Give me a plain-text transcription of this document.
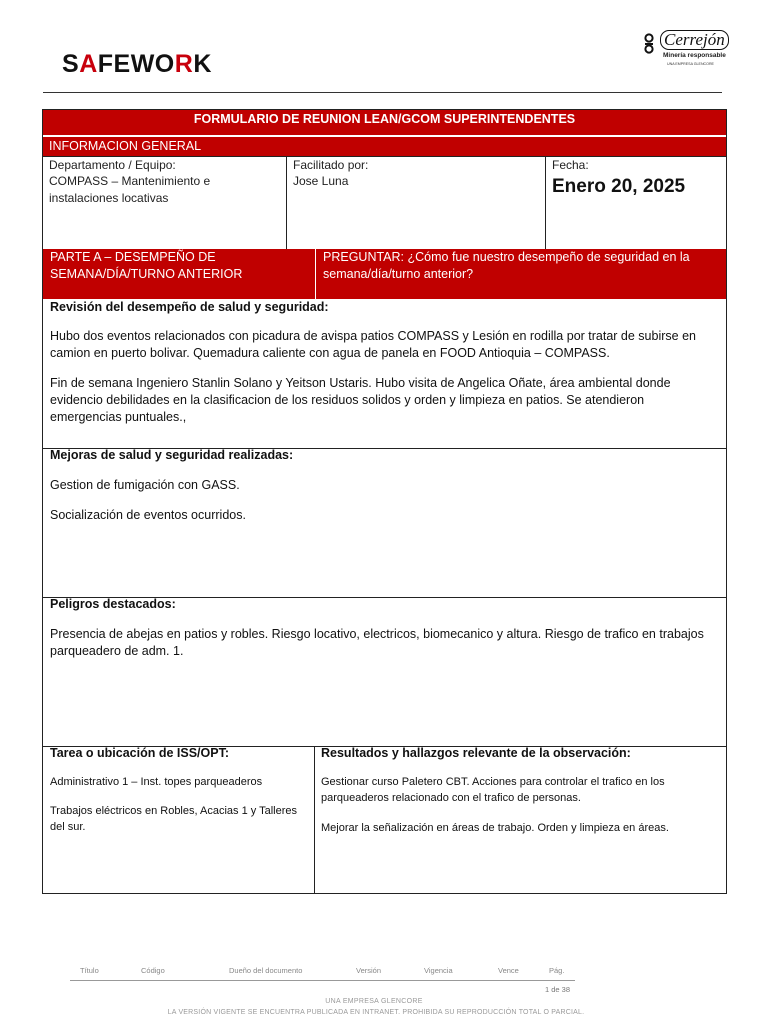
SAFEWORK
Cerrejón
Minería responsable
UNA EMPRESA GLENCORE
FORMULARIO DE REUNION LEAN/GCOM SUPERINTENDENTES
INFORMACION GENERAL
Departamento / Equipo:
COMPASS – Mantenimiento e instalaciones locativas
Facilitado por:
Jose Luna
Fecha:
Enero 20, 2025
PARTE A – DESEMPEÑO DE SEMANA/DÍA/TURNO ANTERIOR
PREGUNTAR: ¿Cómo fue nuestro desempeño de seguridad en la semana/día/turno anterior?
Revisión del desempeño de salud y seguridad:
Hubo dos eventos relacionados con picadura de avispa patios COMPASS y Lesión en rodilla por tratar de subirse en camion en puerto bolivar. Quemadura caliente con agua de panela en FOOD Antioquia – COMPASS.
Fin de semana Ingeniero Stanlin Solano y Yeitson Ustaris. Hubo visita de Angelica Oñate, área ambiental donde evidencio debilidades en la clasificacion de los residuos solidos y orden y limpieza en patios. Se atendieron emergencias puntuales.,
Mejoras de salud y seguridad realizadas:
Gestion de fumigación con GASS.
Socialización de eventos ocurridos.
Peligros destacados:
Presencia de abejas en patios y robles. Riesgo locativo, electricos, biomecanico y altura. Riesgo de trafico en trabajos parqueadero de adm. 1.
Tarea o ubicación de ISS/OPT:
Administrativo 1 – Inst. topes parqueaderos
Trabajos eléctricos en Robles, Acacias 1 y Talleres del sur.
Resultados y hallazgos relevante de la observación:
Gestionar curso Paletero CBT. Acciones para controlar el trafico en los parqueaderos relacionado con el trafico de personas.
Mejorar la señalización en áreas de trabajo. Orden y limpieza en áreas.
Título	Código	Dueño del documento	Versión	Vigencia	Vence	Pág.
1 de 38
UNA EMPRESA GLENCORE
LA VERSIÓN VIGENTE SE ENCUENTRA PUBLICADA EN INTRANET. PROHIBIDA SU REPRODUCCIÓN TOTAL O PARCIAL.
